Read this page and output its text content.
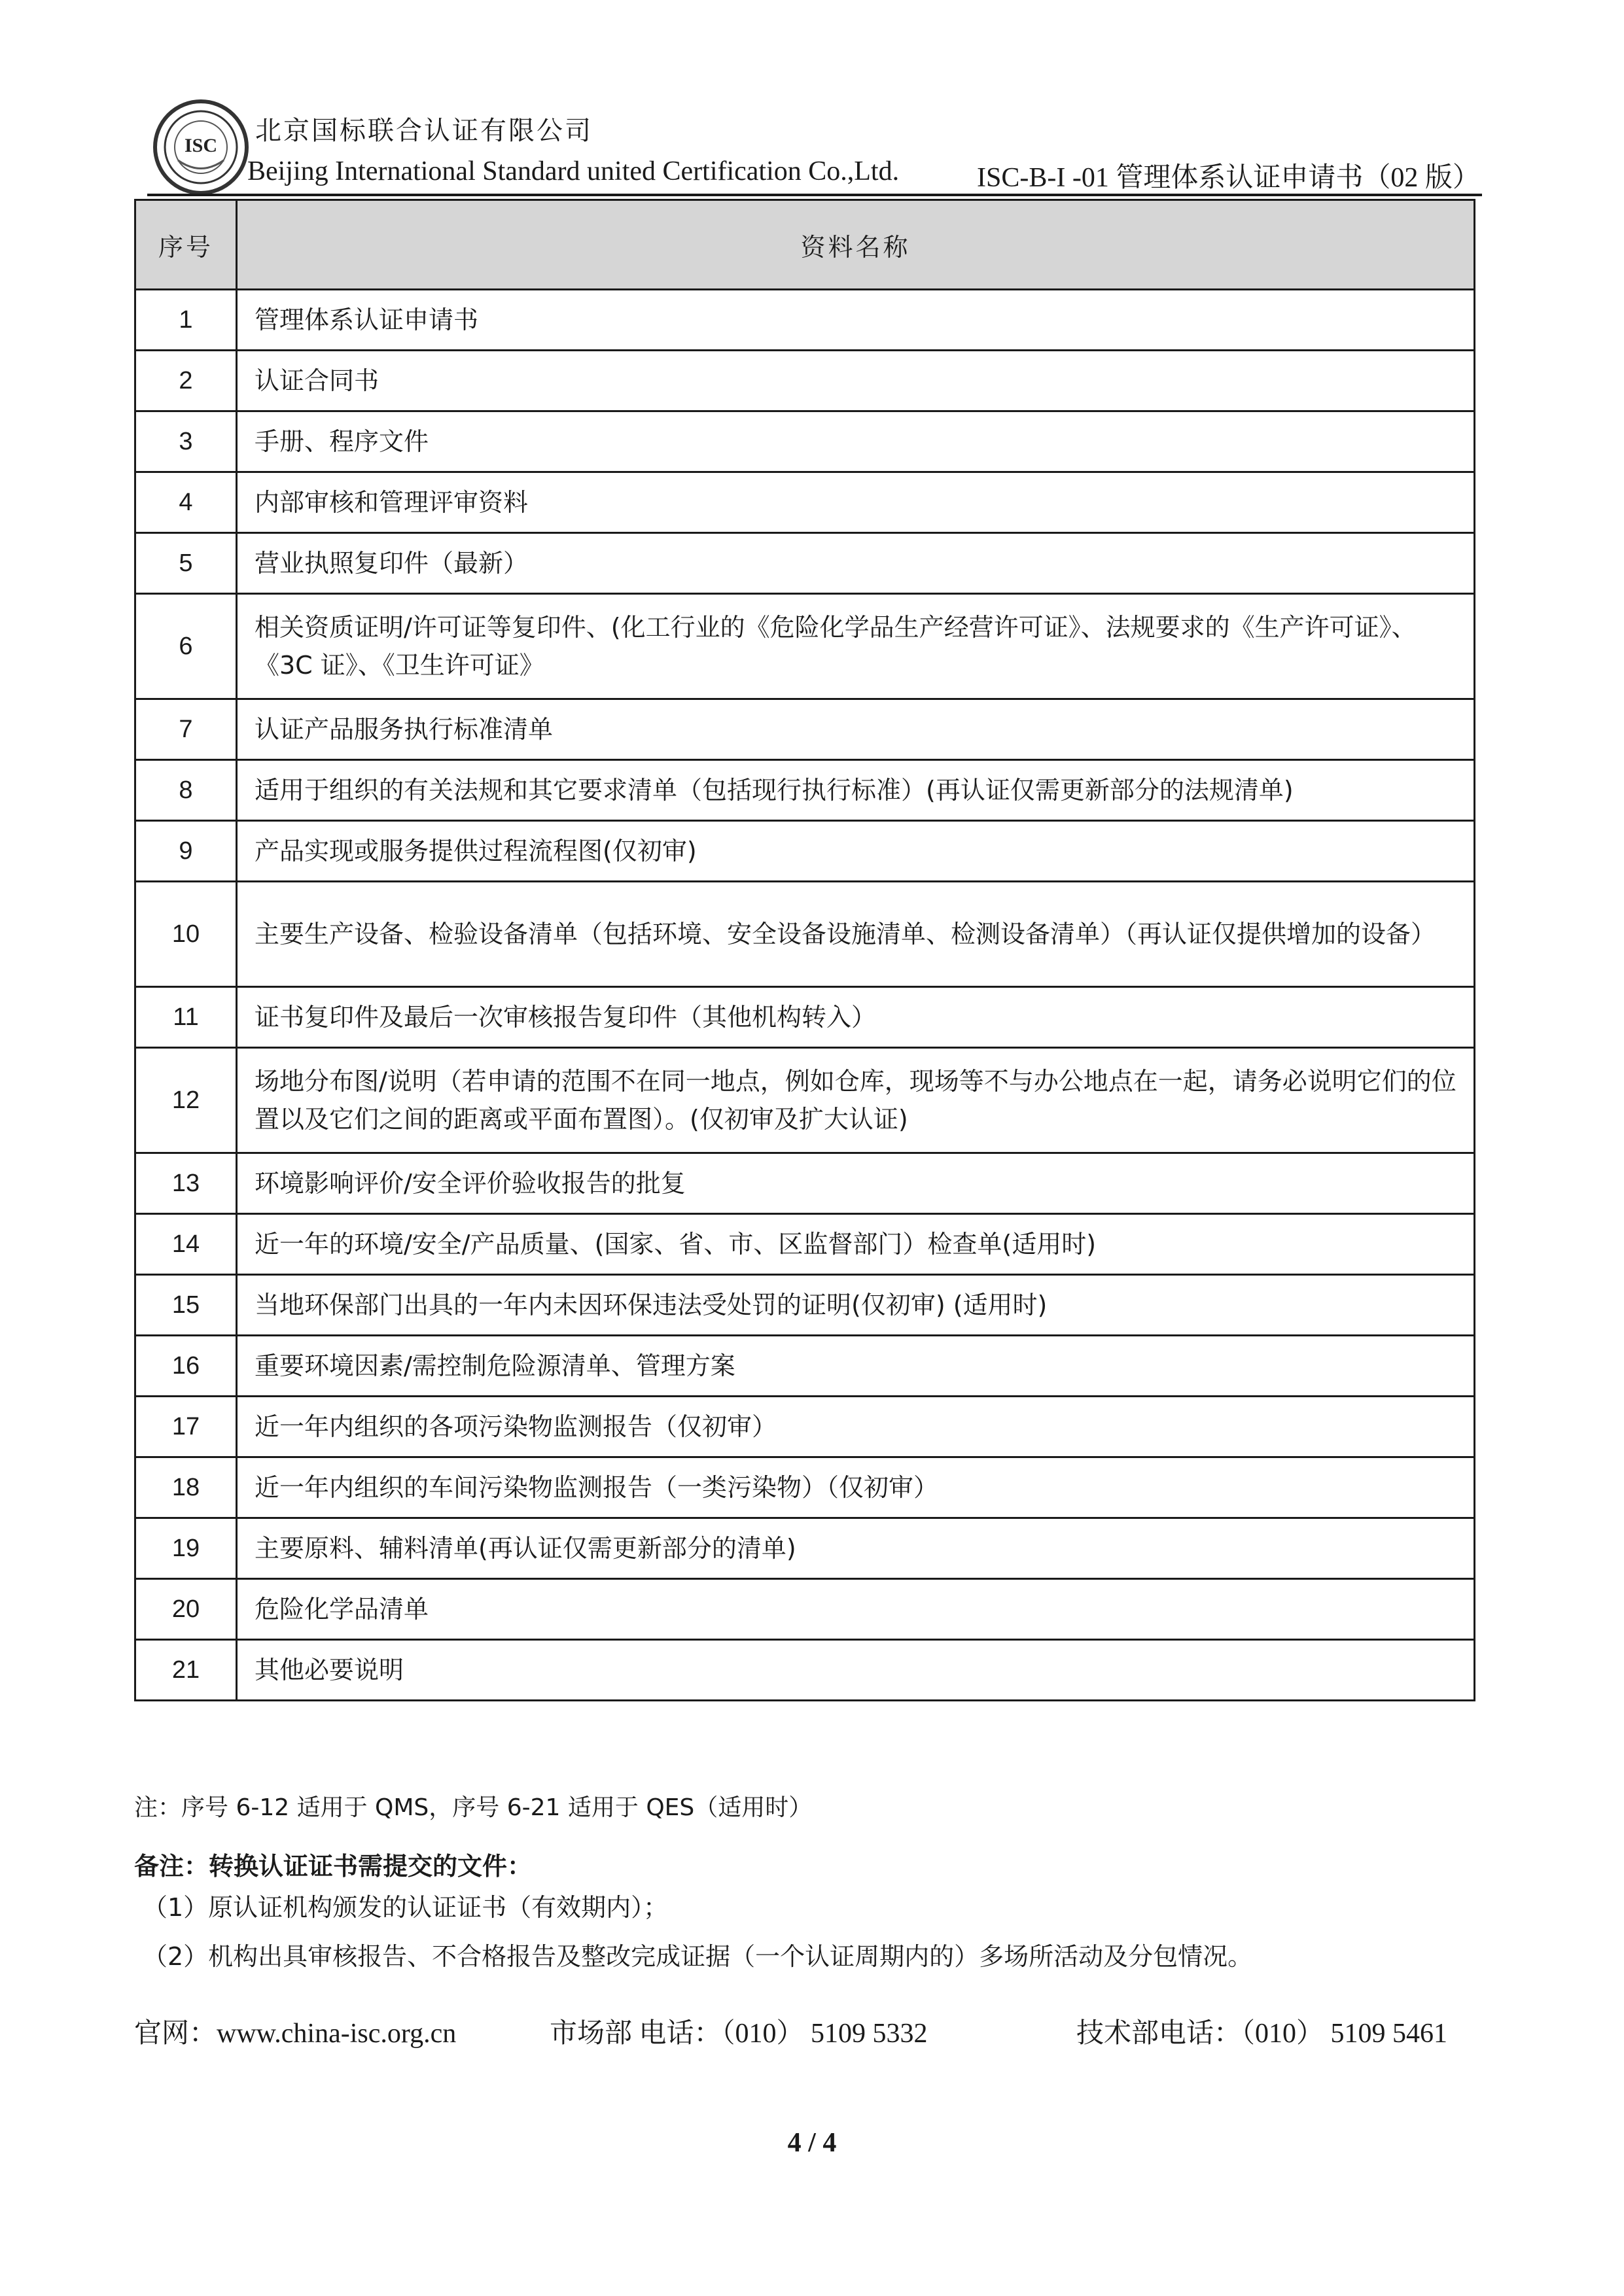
ISC 北京国标联合认证有限公司
Beijing International Standard united Certification Co.,Ltd.	ISC-B-I -01 管理体系认证申请书（02 版）
序号	资料名称
1	管理体系认证申请书
2	认证合同书
3	手册、程序文件
4	内部审核和管理评审资料
5	营业执照复印件（最新）
6	相关资质证明/许可证等复印件、(化工行业的《危险化学品生产经营许可证》、法规要求的《生产许可证》、《3C 证》、《卫生许可证》
7	认证产品服务执行标准清单
8	适用于组织的有关法规和其它要求清单（包括现行执行标准）(再认证仅需更新部分的法规清单)
9	产品实现或服务提供过程流程图(仅初审)
10	主要生产设备、检验设备清单（包括环境、安全设备设施清单、检测设备清单）（再认证仅提供增加的设备）
11	证书复印件及最后一次审核报告复印件（其他机构转入）
12	场地分布图/说明（若申请的范围不在同一地点，例如仓库，现场等不与办公地点在一起，请务必说明它们的位置以及它们之间的距离或平面布置图）。(仅初审及扩大认证)
13	环境影响评价/安全评价验收报告的批复
14	近一年的环境/安全/产品质量、(国家、省、市、区监督部门）检查单(适用时)
15	当地环保部门出具的一年内未因环保违法受处罚的证明(仅初审) (适用时)
16	重要环境因素/需控制危险源清单、管理方案
17	近一年内组织的各项污染物监测报告（仅初审）
18	近一年内组织的车间污染物监测报告（一类污染物）（仅初审）
19	主要原料、辅料清单(再认证仅需更新部分的清单)
20	危险化学品清单
21	其他必要说明
注：序号 6-12 适用于 QMS，序号 6-21 适用于 QES（适用时）
备注：转换认证证书需提交的文件：
（1）原认证机构颁发的认证证书（有效期内）；
（2）机构出具审核报告、不合格报告及整改完成证据（一个认证周期内的）多场所活动及分包情况。
官网：www.china-isc.org.cn	市场部 电话：（010） 5109 5332	技术部电话：（010） 5109 5461
4 / 4
